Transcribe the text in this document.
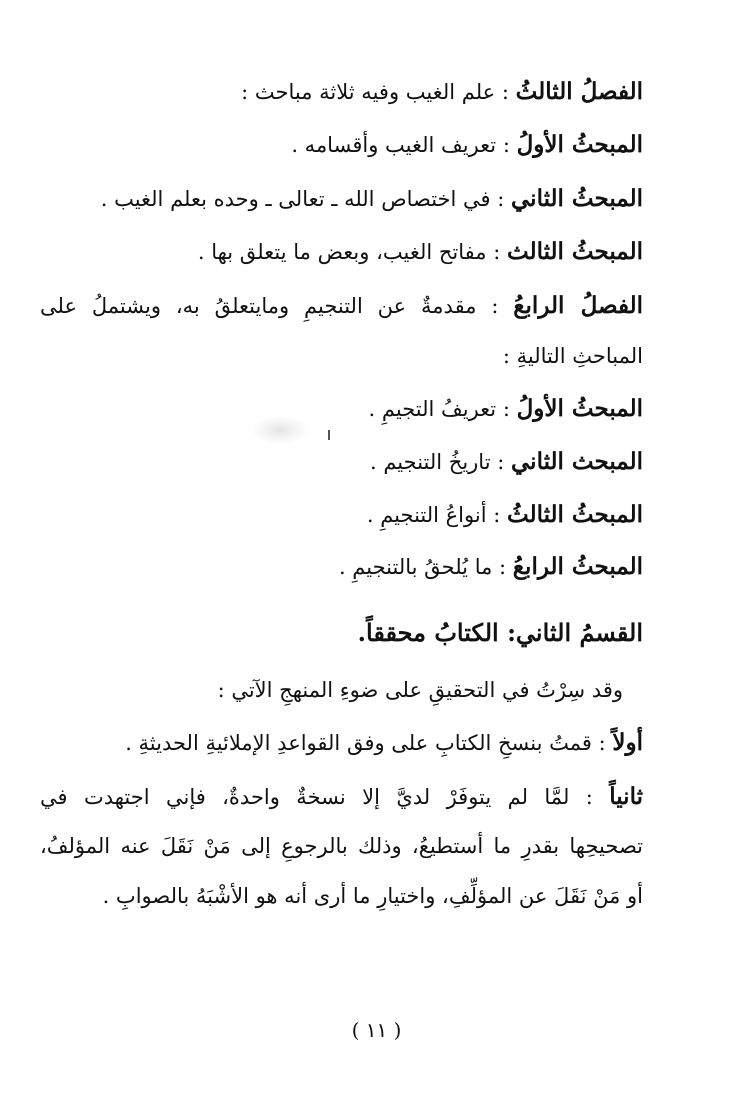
الفصلُ الثالثُ : علم الغيب وفيه ثلاثة مباحث :
المبحثُ الأولُ : تعريف الغيب وأقسامه .
المبحثُ الثاني : في اختصاص الله ـ تعالى ـ وحده بعلم الغيب .
المبحثُ الثالث : مفاتح الغيب، وبعض ما يتعلق بها .
الفصلُ الرابعُ : مقدمةٌ عن التنجيمِ ومايتعلقُ به، ويشتملُ على
المباحثِ التاليةِ :
المبحثُ الأولُ : تعريفُ التجيمِ .
المبحث الثاني : تاريخُ التنجيم .
المبحثُ الثالثُ : أنواعُ التنجيمِ .
المبحثُ الرابعُ : ما يُلحقُ بالتنجيمِ .
القسمُ الثاني: الكتابُ محققاً.
وقد سِرْتُ في التحقيقِ على ضوءِ المنهجِ الآتي :
أولاً : قمتُ بنسخِ الكتابِ على وفق القواعدِ الإملائيةِ الحديثةِ .
ثانياً : لمَّا لم يتوفَرْ لديَّ إلا نسخةٌ واحدةٌ، فإني اجتهدت في
تصحيحِها بقدرِ ما أستطيعُ، وذلك بالرجوعِ إلى مَنْ نَقَلَ عنه المؤلفُ،
أو مَنْ نَقَلَ عن المؤلِّفِ، واختيارِ ما أرى أنه هو الأشْبَهُ بالصوابِ .
( ١١ )
